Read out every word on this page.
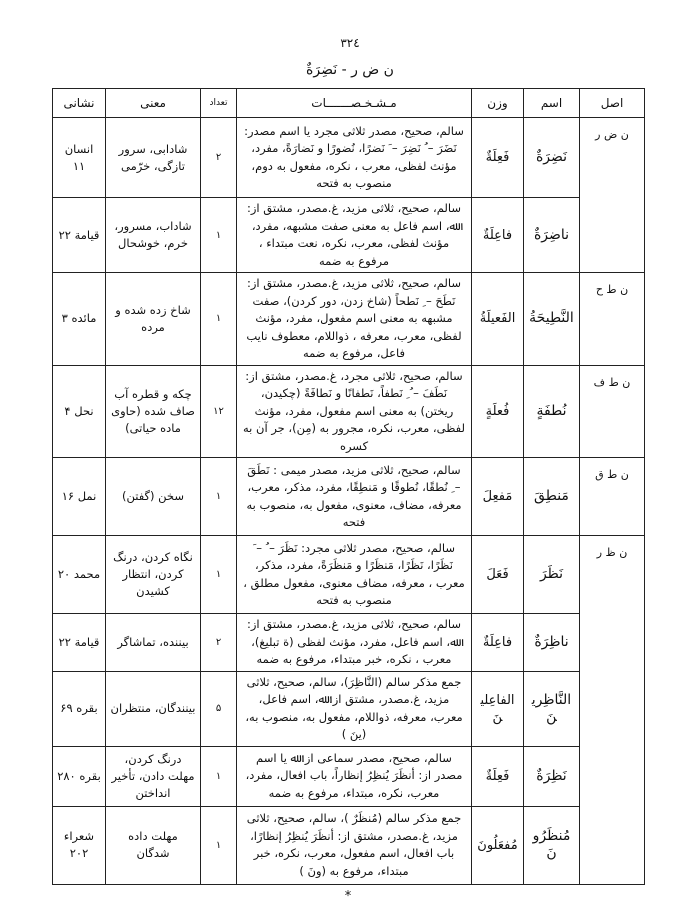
٣٢٤
ن ض ر - نَضِرَةٌ
اصل	اسم	وزن	مـشـخـصـــــــات	تعداد	معنی	نشانی
ن ض ر	نَضِرَةٌ	فَعِلَةٌ	سالم، صحیح، مصدر ثلاثی مجرد یا اسم مصدر: نَضَرَ – ُ نَضِرَ – َ نَضرًا، نُضورًا و نَضارَةً، مفرد، مؤنث لفظی، معرب ، نکره، مفعول به دوم، منصوب به فتحه	٢	شادابی، سرور تازگی، خرّمی	انسان ١١
	ناضِرَةٌ	فاعِلَةٌ	سالم، صحیح، ثلاثی مزید، غ.مصدر، مشتق از: ﷲ، اسم فاعل به معنی صفت مشبهه، مفرد، مؤنث لفظی، معرب، نکره، نعت مبتداء ، مرفوع به ضمه	١	شاداب، مسرور، خرم، خوشحال	قیامة ٢٢
ن ط ح	النَّطِیحَةُ	الفَعیلَةُ	سالم، صحیح، ثلاثی مزید، غ.مصدر، مشتق از: نَطَحَ – ِ نَطحاً (شاخ زدن، دور کردن)، صفت مشبهه به معنی اسم مفعول، مفرد، مؤنث لفظی، معرب، معرفه ، ذواللام، معطوف نایب فاعل، مرفوع به ضمه	١	شاخ زده شده و مرده	مائده ٣
ن ط ف	نُطفَةٍ	فُعلَةٍ	سالم، صحیح، ثلاثی مجرد، غ.مصدر، مشتق از: نَطَفَ – ُ ِ نَطفاً، نَطفانًا و نَطافَةً (چکیدن، ریختن) به معنی اسم مفعول، مفرد، مؤنث لفظی، معرب، نکره، مجرور به (مِن)، جر آن به کسره	١٢	چکه و قطره آب صاف شده (حاوی ماده حیاتی)	نحل ۴
ن ط ق	مَنطِقَ	مَفعِلَ	سالم، صحیح، ثلاثی مزید، مصدر میمی : نَطَقَ – ِ نُطقًا، نُطوقًا و مَنطِقًا، مفرد، مذکر، معرب، معرفه، مضاف، معنوی، مفعول به، منصوب به فتحه	١	سخن (گفتن)	نمل ١۶
ن ظ ر	نَظَرَ	فَعَلَ	سالم، صحیح، مصدر ثلاثی مجرد: نَظَرَ – ُ – َ نَظَرًا، نَظَرًا، مَنظَرًا و مَنظَرَةً، مفرد، مذکر، معرب ، معرفه، مضاف معنوی، مفعول مطلق ، منصوب به فتحه	١	نگاه کردن، درنگ کردن، انتظار کشیدن	محمد ٢٠
	ناظِرَةٌ	فاعِلَةٌ	سالم، صحیح، ثلاثی مزید، غ.مصدر، مشتق از: ﷲ، اسم فاعل، مفرد، مؤنث لفظی (ة تبلیغ)، معرب ، نکره، خبر مبتداء، مرفوع به ضمه	٢	بیننده، تماشاگر	قیامة ٢٢
	النَّاظِرینَ	الفاعِلینَ	جمع مذکر سالم (النَّاظِرَ)، سالم، صحیح، ثلاثی مزید، غ.مصدر، مشتق از: ﷲ، اسم فاعل، معرب، معرفه، ذواللام، مفعول به، منصوب به، (ینَ )	۵	بینندگان، منتظران	بقره ۶٩
	نَظِرَةٌ	فَعِلَةٌ	سالم، صحیح، مصدر سماعی از: ﷲ یا اسم مصدر از: أنظَرَ یُنظِرُ إنظاراً، باب افعال، مفرد، معرب، نکره، مبتداء، مرفوع به ضمه	١	درنگ کردن، مهلت دادن، تأخیر انداختن	بقره ٢٨٠
	مُنظَرُونَ	مُفعَلُونَ	جمع مذکر سالم (مُنظَرٌ )، سالم، صحیح، ثلاثی مزید، غ.مصدر، مشتق از: أنظَرَ یُنظِرُ إنظارًا، باب افعال، اسم مفعول، معرب، نکره، خبر مبتداء، مرفوع به (ونَ )	١	مهلت داده شدگان	شعراء ٢٠٢
*
